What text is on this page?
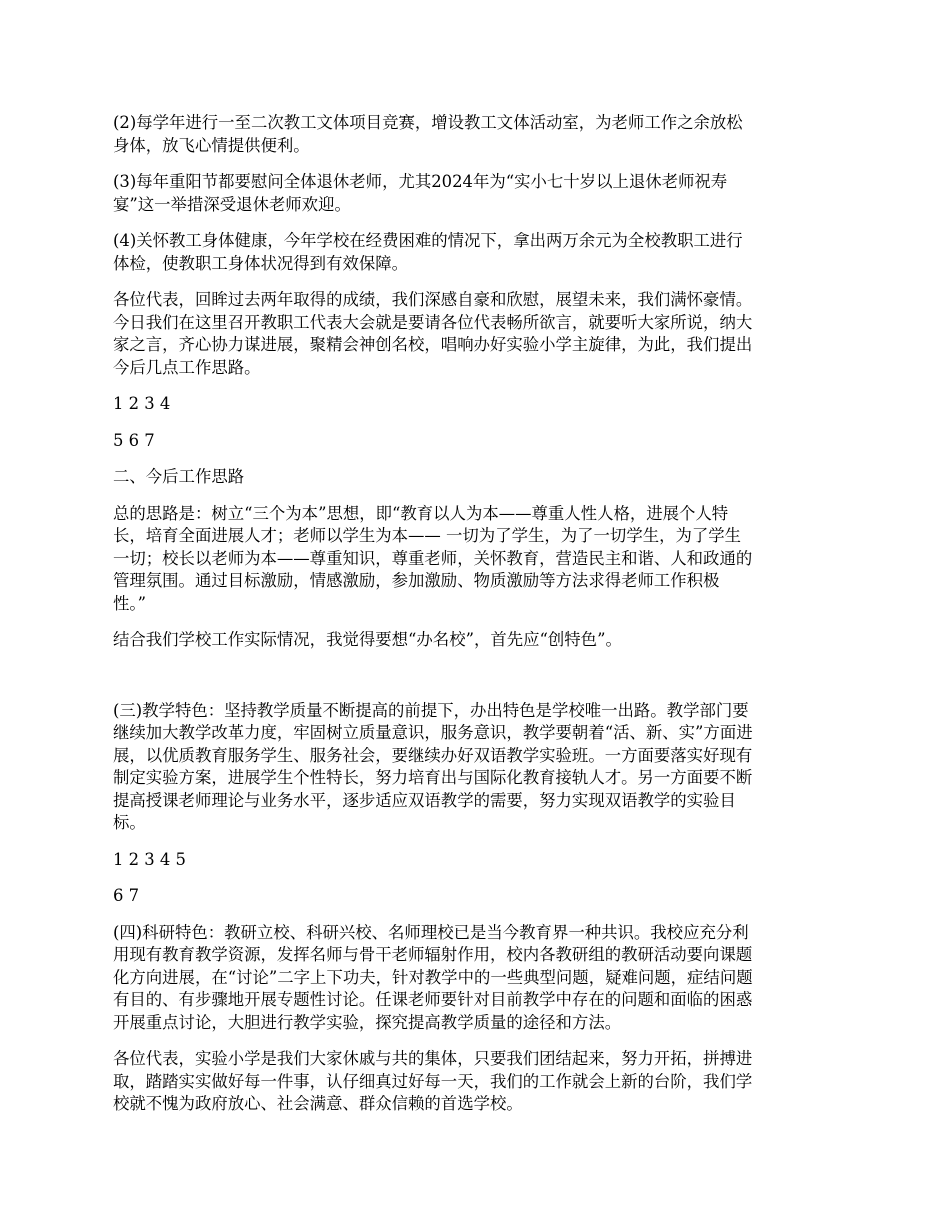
(2)每学年进行一至二次教工文体项目竞赛，增设教工文体活动室，为老师工作之余放松
身体，放飞心情提供便利。
(3)每年重阳节都要慰问全体退休老师，尤其2024年为“实小七十岁以上退休老师祝寿
宴”这一举措深受退休老师欢迎。
(4)关怀教工身体健康，今年学校在经费困难的情况下，拿出两万余元为全校教职工进行
体检，使教职工身体状况得到有效保障。
各位代表，回眸过去两年取得的成绩，我们深感自豪和欣慰，展望未来，我们满怀豪情。
今日我们在这里召开教职工代表大会就是要请各位代表畅所欲言，就要听大家所说，纳大
家之言，齐心协力谋进展，聚精会神创名校，唱响办好实验小学主旋律，为此，我们提出
今后几点工作思路。
1 2 3 4
5 6 7
二、今后工作思路
总的思路是：树立“三个为本”思想，即“教育以人为本——尊重人性人格，进展个人特
长，培育全面进展人才；老师以学生为本—— 一切为了学生，为了一切学生，为了学生
一切；校长以老师为本——尊重知识，尊重老师，关怀教育，营造民主和谐、人和政通的
管理氛围。通过目标激励，情感激励，参加激励、物质激励等方法求得老师工作积极
性。”
结合我们学校工作实际情况，我觉得要想“办名校”，首先应“创特色”。
(三)教学特色：坚持教学质量不断提高的前提下，办出特色是学校唯一出路。教学部门要
继续加大教学改革力度，牢固树立质量意识，服务意识，教学要朝着“活、新、实”方面进
展，以优质教育服务学生、服务社会，要继续办好双语教学实验班。一方面要落实好现有
制定实验方案，进展学生个性特长，努力培育出与国际化教育接轨人才。另一方面要不断
提高授课老师理论与业务水平，逐步适应双语教学的需要，努力实现双语教学的实验目
标。
1 2 3 4 5
6 7
(四)科研特色：教研立校、科研兴校、名师理校已是当今教育界一种共识。我校应充分利
用现有教育教学资源，发挥名师与骨干老师辐射作用，校内各教研组的教研活动要向课题
化方向进展，在“讨论”二字上下功夫，针对教学中的一些典型问题，疑难问题，症结问题
有目的、有步骤地开展专题性讨论。任课老师要针对目前教学中存在的问题和面临的困惑
开展重点讨论，大胆进行教学实验，探究提高教学质量的途径和方法。
各位代表，实验小学是我们大家休戚与共的集体，只要我们团结起来，努力开拓，拼搏进
取，踏踏实实做好每一件事，认仔细真过好每一天，我们的工作就会上新的台阶，我们学
校就不愧为政府放心、社会满意、群众信赖的首选学校。
